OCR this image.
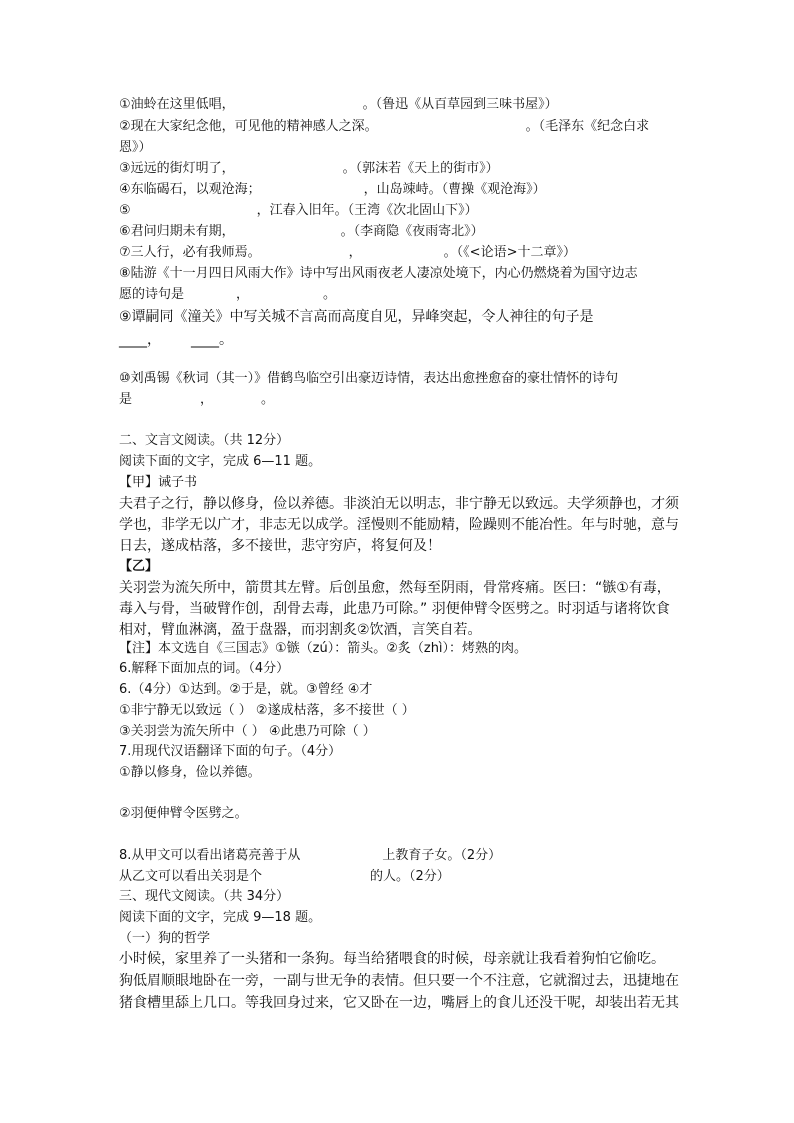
①油蛉在这里低唱，	。（鲁迅《从百草园到三味书屋》）
②现在大家纪念他，可见他的精神感人之深。	。（毛泽东《纪念白求
恩》）
③远远的街灯明了，	。（郭沫若《天上的街市》）
④东临碣石，以观沧海；	，山岛竦峙。（曹操《观沧海》）
⑤	，江春入旧年。（王湾《次北固山下》）
⑥君问归期未有期，	。（李商隐《夜雨寄北》）
⑦三人行，必有我师焉。	，	。（《<论语>十二章》）
⑧陆游《十一月四日风雨大作》诗中写出风雨夜老人凄凉处境下，内心仍燃烧着为国守边志
愿的诗句是	，	。
⑨谭嗣同《潼关》中写关城不言高而高度自见，异峰突起，令人神往的句子是
____， ____。
⑩刘禹锡《秋词（其一）》借鹤鸟临空引出豪迈诗情，表达出愈挫愈奋的豪壮情怀的诗句
是	，	。
二、文言文阅读。（共 12分）
阅读下面的文字，完成 6—11 题。
【甲】诫子书
夫君子之行，静以修身，俭以养德。非淡泊无以明志，非宁静无以致远。夫学须静也，才须
学也，非学无以广才，非志无以成学。淫慢则不能励精，险躁则不能冶性。年与时驰，意与
日去，遂成枯落，多不接世，悲守穷庐，将复何及！
【乙】
关羽尝为流矢所中，箭贯其左臂。后创虽愈，然每至阴雨，骨常疼痛。医曰：“镞①有毒，
毒入与骨，当破臂作创，刮骨去毒，此患乃可除。” 羽便伸臂令医劈之。时羽适与诸将饮食
相对，臂血淋漓，盈于盘器，而羽割炙②饮酒，言笑自若。
【注】本文选自《三国志》①镞（zú）：箭头。②炙（zhì）：烤熟的肉。
6.解释下面加点的词。（4分）
6.（4分）①达到。②于是，就。③曾经 ④才
①非宁静无以致远（ ） ②遂成枯落，多不接世（ ）
③关羽尝为流矢所中（ ） ④此患乃可除（ ）
7.用现代汉语翻译下面的句子。（4分）
①静以修身，俭以养德。
②羽便伸臂令医劈之。
8.从甲文可以看出诸葛亮善于从	上教育子女。（2分）
从乙文可以看出关羽是个	的人。（2分）
三、现代文阅读。（共 34分）
阅读下面的文字，完成 9—18 题。
（一）狗的哲学
小时候，家里养了一头猪和一条狗。每当给猪喂食的时候，母亲就让我看着狗怕它偷吃。
狗低眉顺眼地卧在一旁，一副与世无争的表情。但只要一个不注意，它就溜过去，迅捷地在
猪食槽里舔上几口。等我回身过来，它又卧在一边，嘴唇上的食儿还没干呢，却装出若无其
